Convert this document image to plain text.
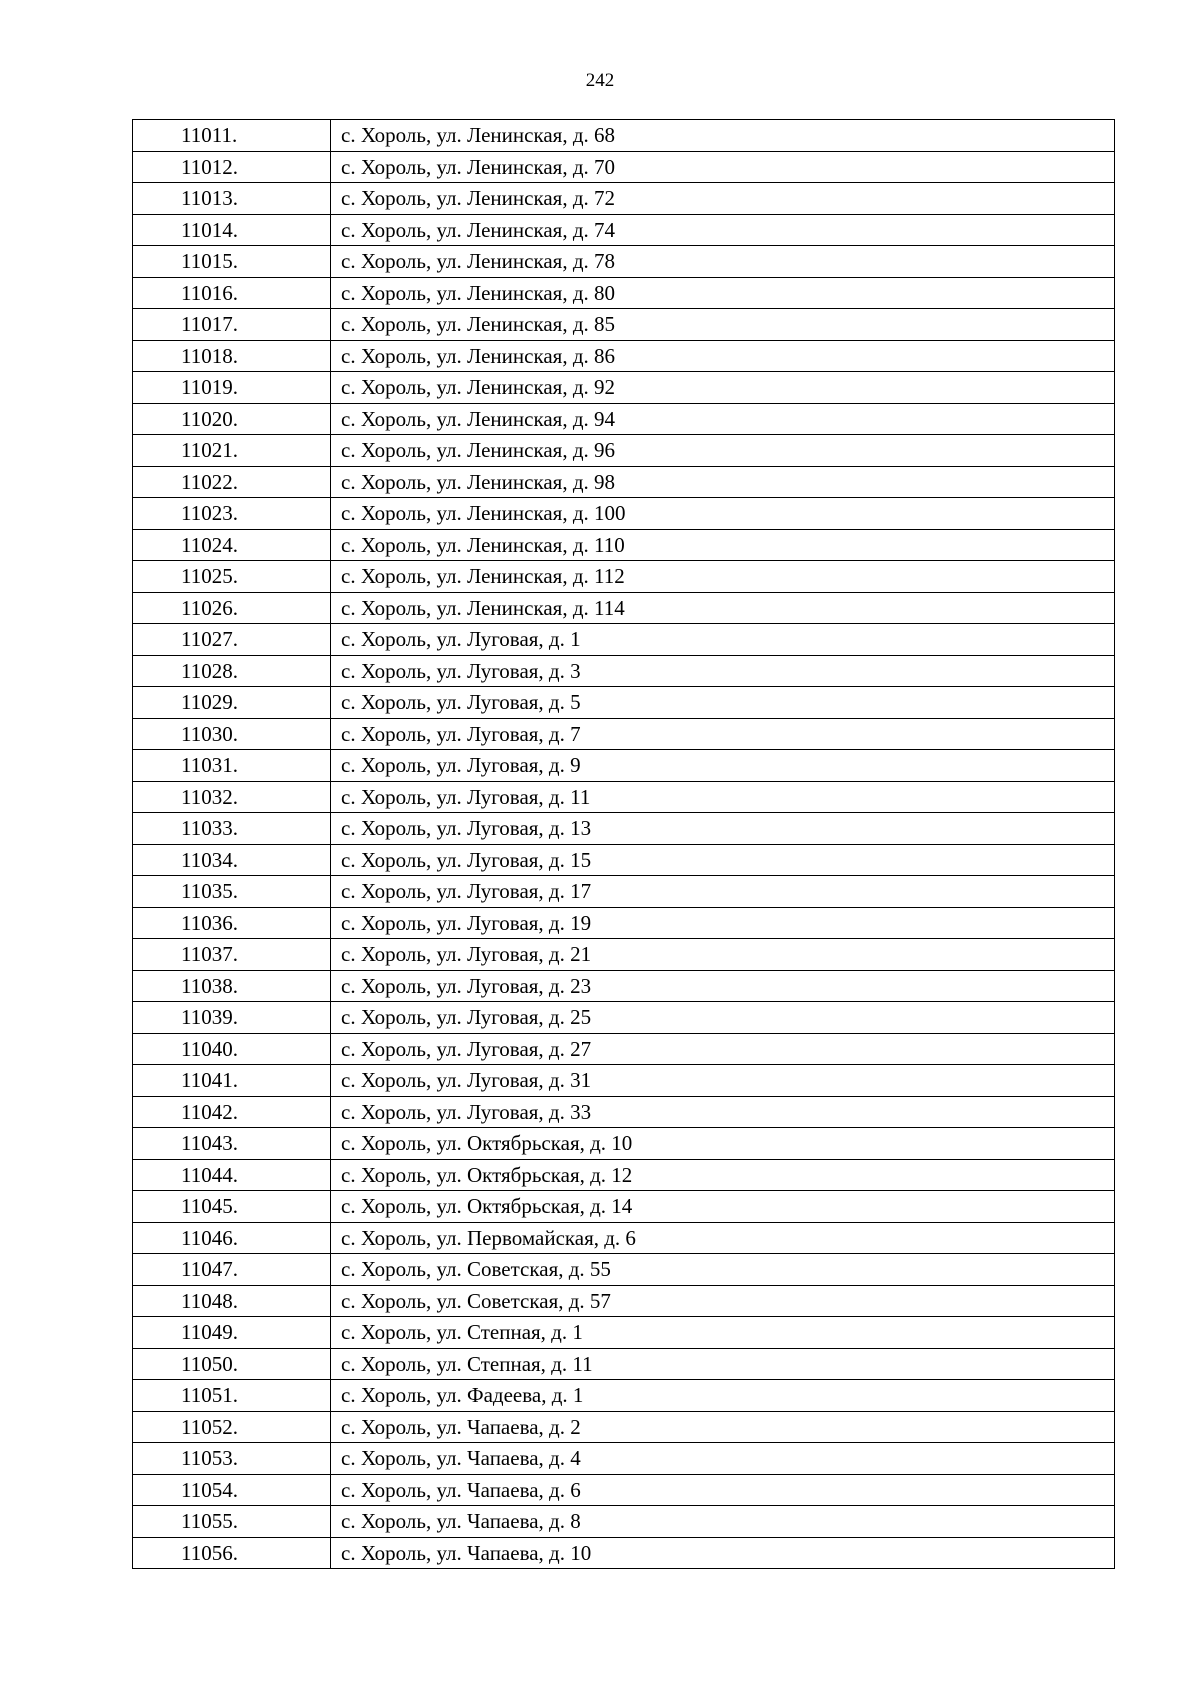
242
11011.	с. Хороль, ул. Ленинская, д. 68
11012.	с. Хороль, ул. Ленинская, д. 70
11013.	с. Хороль, ул. Ленинская, д. 72
11014.	с. Хороль, ул. Ленинская, д. 74
11015.	с. Хороль, ул. Ленинская, д. 78
11016.	с. Хороль, ул. Ленинская, д. 80
11017.	с. Хороль, ул. Ленинская, д. 85
11018.	с. Хороль, ул. Ленинская, д. 86
11019.	с. Хороль, ул. Ленинская, д. 92
11020.	с. Хороль, ул. Ленинская, д. 94
11021.	с. Хороль, ул. Ленинская, д. 96
11022.	с. Хороль, ул. Ленинская, д. 98
11023.	с. Хороль, ул. Ленинская, д. 100
11024.	с. Хороль, ул. Ленинская, д. 110
11025.	с. Хороль, ул. Ленинская, д. 112
11026.	с. Хороль, ул. Ленинская, д. 114
11027.	с. Хороль, ул. Луговая, д. 1
11028.	с. Хороль, ул. Луговая, д. 3
11029.	с. Хороль, ул. Луговая, д. 5
11030.	с. Хороль, ул. Луговая, д. 7
11031.	с. Хороль, ул. Луговая, д. 9
11032.	с. Хороль, ул. Луговая, д. 11
11033.	с. Хороль, ул. Луговая, д. 13
11034.	с. Хороль, ул. Луговая, д. 15
11035.	с. Хороль, ул. Луговая, д. 17
11036.	с. Хороль, ул. Луговая, д. 19
11037.	с. Хороль, ул. Луговая, д. 21
11038.	с. Хороль, ул. Луговая, д. 23
11039.	с. Хороль, ул. Луговая, д. 25
11040.	с. Хороль, ул. Луговая, д. 27
11041.	с. Хороль, ул. Луговая, д. 31
11042.	с. Хороль, ул. Луговая, д. 33
11043.	с. Хороль, ул. Октябрьская, д. 10
11044.	с. Хороль, ул. Октябрьская, д. 12
11045.	с. Хороль, ул. Октябрьская, д. 14
11046.	с. Хороль, ул. Первомайская, д. 6
11047.	с. Хороль, ул. Советская, д. 55
11048.	с. Хороль, ул. Советская, д. 57
11049.	с. Хороль, ул. Степная, д. 1
11050.	с. Хороль, ул. Степная, д. 11
11051.	с. Хороль, ул. Фадеева, д. 1
11052.	с. Хороль, ул. Чапаева, д. 2
11053.	с. Хороль, ул. Чапаева, д. 4
11054.	с. Хороль, ул. Чапаева, д. 6
11055.	с. Хороль, ул. Чапаева, д. 8
11056.	с. Хороль, ул. Чапаева, д. 10
